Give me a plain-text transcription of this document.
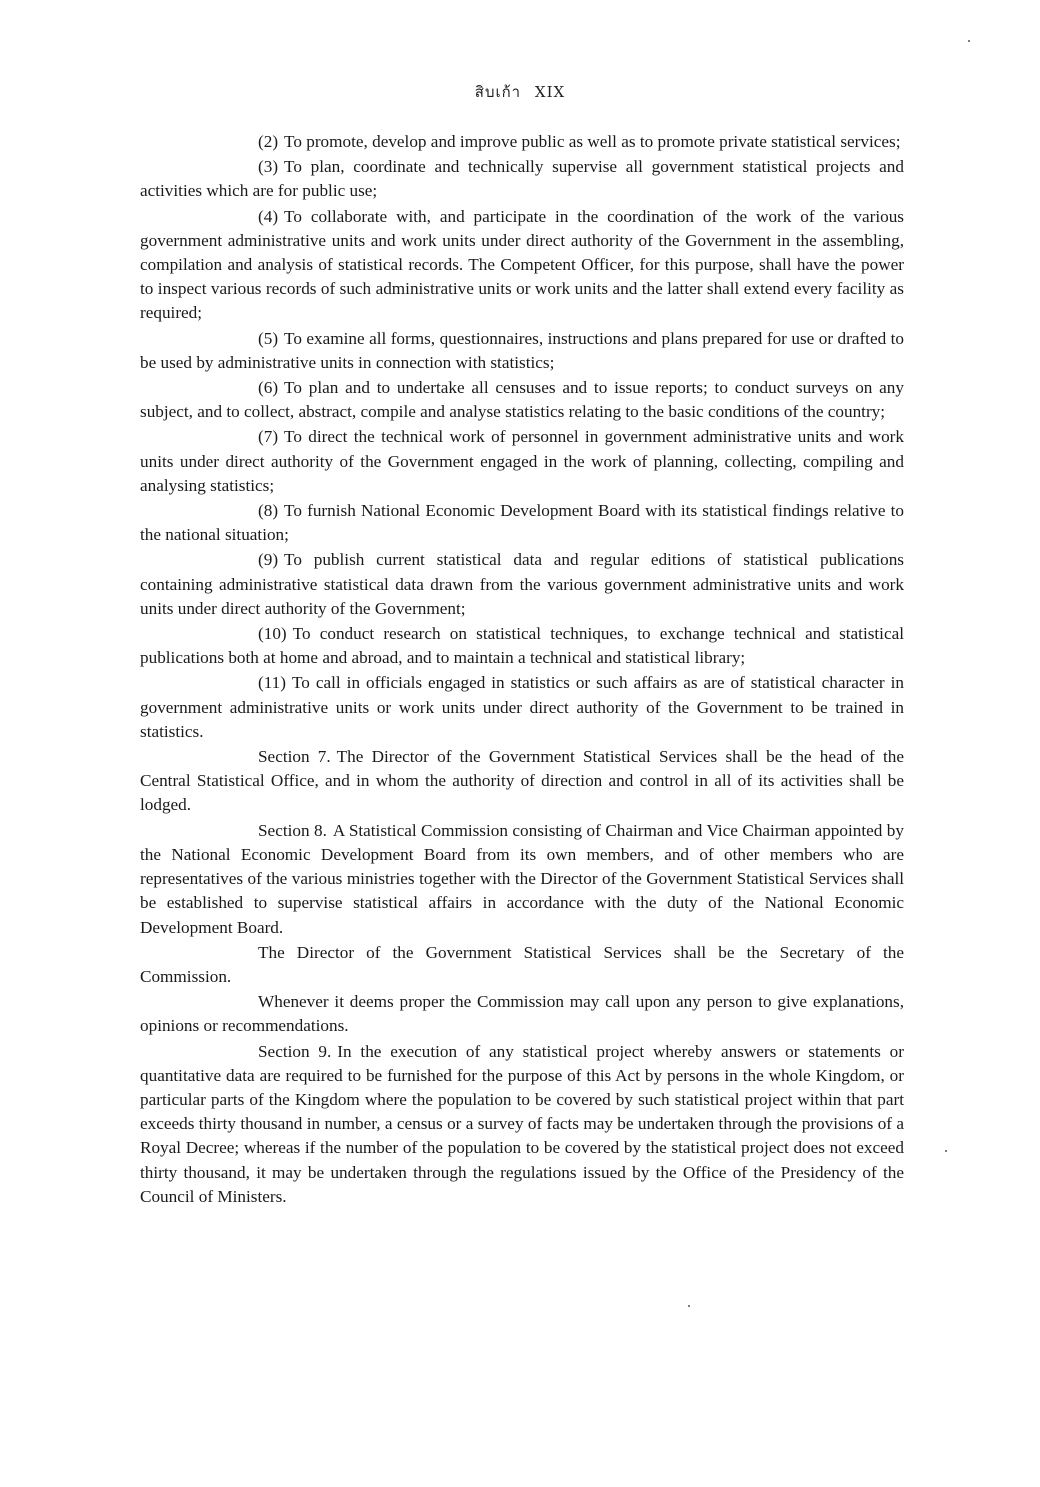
สิบเก้า XIX

(2) To promote, develop and improve public as well as to promote private statistical services;

(3) To plan, coordinate and technically supervise all government statistical projects and activities which are for public use;

(4) To collaborate with, and participate in the coordination of the work of the various government administrative units and work units under direct authority of the Government in the assembling, compilation and analysis of statistical records. The Competent Officer, for this purpose, shall have the power to inspect various records of such administrative units or work units and the latter shall extend every facility as required;

(5) To examine all forms, questionnaires, instructions and plans prepared for use or drafted to be used by administrative units in connection with statistics;

(6) To plan and to undertake all censuses and to issue reports; to conduct surveys on any subject, and to collect, abstract, compile and analyse statistics relating to the basic conditions of the country;

(7) To direct the technical work of personnel in government administrative units and work units under direct authority of the Government engaged in the work of planning, collecting, compiling and analysing statistics;

(8) To furnish National Economic Development Board with its statistical findings relative to the national situation;

(9) To publish current statistical data and regular editions of statistical publications containing administrative statistical data drawn from the various government administrative units and work units under direct authority of the Government;

(10) To conduct research on statistical techniques, to exchange technical and statistical publications both at home and abroad, and to maintain a technical and statistical library;

(11) To call in officials engaged in statistics or such affairs as are of statistical character in government administrative units or work units under direct authority of the Government to be trained in statistics.

Section 7. The Director of the Government Statistical Services shall be the head of the Central Statistical Office, and in whom the authority of direction and control in all of its activities shall be lodged.

Section 8. A Statistical Commission consisting of Chairman and Vice Chairman appointed by the National Economic Development Board from its own members, and of other members who are representatives of the various ministries together with the Director of the Government Statistical Services shall be established to supervise statistical affairs in accordance with the duty of the National Economic Development Board.

The Director of the Government Statistical Services shall be the Secretary of the Commission.

Whenever it deems proper the Commission may call upon any person to give explanations, opinions or recommendations.

Section 9. In the execution of any statistical project whereby answers or statements or quantitative data are required to be furnished for the purpose of this Act by persons in the whole Kingdom, or particular parts of the Kingdom where the population to be covered by such statistical project within that part exceeds thirty thousand in number, a census or a survey of facts may be undertaken through the provisions of a Royal Decree; whereas if the number of the population to be covered by the statistical project does not exceed thirty thousand, it may be undertaken through the regulations issued by the Office of the Presidency of the Council of Ministers.
